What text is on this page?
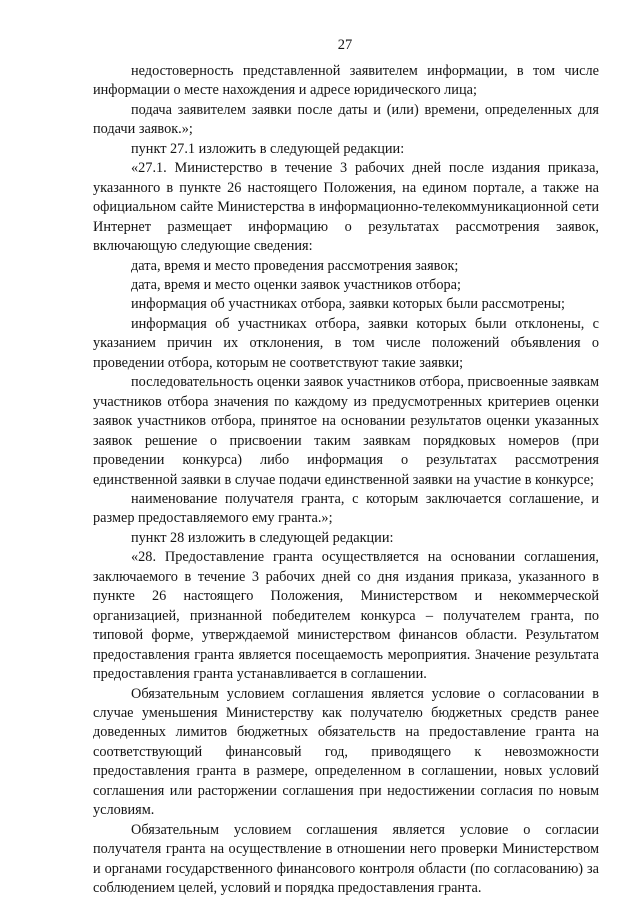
27

недостоверность представленной заявителем информации, в том числе информации о месте нахождения и адресе юридического лица;

подача заявителем заявки после даты и (или) времени, определенных для подачи заявок.»;

пункт 27.1 изложить в следующей редакции:

«27.1. Министерство в течение 3 рабочих дней после издания приказа, указанного в пункте 26 настоящего Положения, на едином портале, а также на официальном сайте Министерства в информационно-телекоммуникационной сети Интернет размещает информацию о результатах рассмотрения заявок, включающую следующие сведения:

дата, время и место проведения рассмотрения заявок;

дата, время и место оценки заявок участников отбора;

информация об участниках отбора, заявки которых были рассмотрены;

информация об участниках отбора, заявки которых были отклонены, с указанием причин их отклонения, в том числе положений объявления о проведении отбора, которым не соответствуют такие заявки;

последовательность оценки заявок участников отбора, присвоенные заявкам участников отбора значения по каждому из предусмотренных критериев оценки заявок участников отбора, принятое на основании результатов оценки указанных заявок решение о присвоении таким заявкам порядковых номеров (при проведении конкурса) либо информация о результатах рассмотрения единственной заявки в случае подачи единственной заявки на участие в конкурсе;

наименование получателя гранта, с которым заключается соглашение, и размер предоставляемого ему гранта.»;

пункт 28 изложить в следующей редакции:

«28. Предоставление гранта осуществляется на основании соглашения, заключаемого в течение 3 рабочих дней со дня издания приказа, указанного в пункте 26 настоящего Положения, Министерством и некоммерческой организацией, признанной победителем конкурса – получателем гранта, по типовой форме, утверждаемой министерством финансов области. Результатом предоставления гранта является посещаемость мероприятия. Значение результата предоставления гранта устанавливается в соглашении.

Обязательным условием соглашения является условие о согласовании в случае уменьшения Министерству как получателю бюджетных средств ранее доведенных лимитов бюджетных обязательств на предоставление гранта на соответствующий финансовый год, приводящего к невозможности предоставления гранта в размере, определенном в соглашении, новых условий соглашения или расторжении соглашения при недостижении согласия по новым условиям.

Обязательным условием соглашения является условие о согласии получателя гранта на осуществление в отношении него проверки Министерством и органами государственного финансового контроля области (по согласованию) за соблюдением целей, условий и порядка предоставления гранта.
